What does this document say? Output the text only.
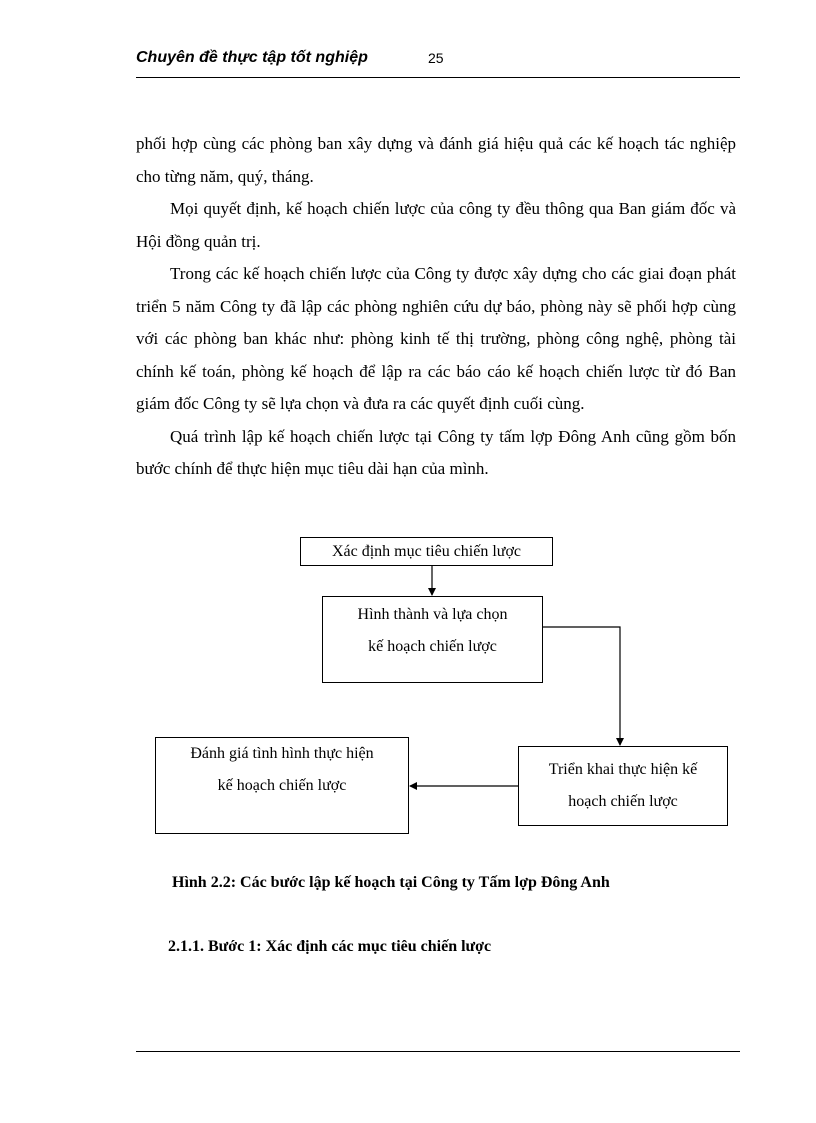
Chuyên đề thực tập tốt nghiệp	25

phối hợp cùng các phòng ban xây dựng và đánh giá hiệu quả các kế hoạch tác nghiệp cho từng năm, quý, tháng.

Mọi quyết định, kế hoạch chiến lược của công ty đều thông qua Ban giám đốc và Hội đồng quản trị.

Trong các kế hoạch chiến lược của Công ty được xây dựng cho các giai đoạn phát triển 5 năm Công ty đã lập các phòng nghiên cứu dự báo, phòng này sẽ phối hợp cùng với các phòng ban khác như: phòng kinh tế thị trường, phòng công nghệ, phòng tài chính kế toán, phòng kế hoạch để lập ra các báo cáo kế hoạch chiến lược từ đó Ban giám đốc Công ty sẽ lựa chọn và đưa ra các quyết định cuối cùng.

Quá trình lập kế hoạch chiến lược tại Công ty tấm lợp Đông Anh cũng gồm bốn bước chính để thực hiện mục tiêu dài hạn của mình.

Xác định mục tiêu chiến lược
Hình thành và lựa chọn
kế hoạch chiến lược
Triển khai thực hiện kế
hoạch chiến lược
Đánh giá tình hình thực hiện
kế hoạch chiến lược
Hình 2.2: Các bước lập kế hoạch tại Công ty Tấm lợp Đông Anh
2.1.1. Bước 1: Xác định các mục tiêu chiến lược
